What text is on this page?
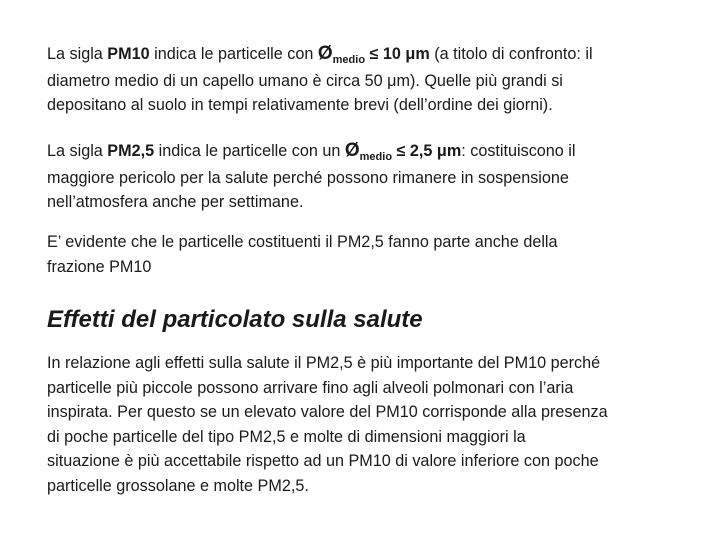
La sigla PM10 indica le particelle con $Ø_{medio} \le 10$ μm (a titolo di confronto: il
diametro medio di un capello umano è circa 50 μm). Quelle più grandi si
depositano al suolo in tempi relativamente brevi (dell’ordine dei giorni).

La sigla PM2,5 indica le particelle con un $Ø_{medio} \le 2,5$ μm: costituiscono il
maggiore pericolo per la salute perché possono rimanere in sospensione
nell’atmosfera anche per settimane.

E’ evidente che le particelle costituenti il PM2,5 fanno parte anche della
frazione PM10

Effetti del particolato sulla salute

In relazione agli effetti sulla salute il PM2,5 è più importante del PM10 perché
particelle più piccole possono arrivare fino agli alveoli polmonari con l’aria
inspirata. Per questo se un elevato valore del PM10 corrisponde alla presenza
di poche particelle del tipo PM2,5 e molte di dimensioni maggiori la
situazione è più accettabile rispetto ad un PM10 di valore inferiore con poche
particelle grossolane e molte PM2,5.
